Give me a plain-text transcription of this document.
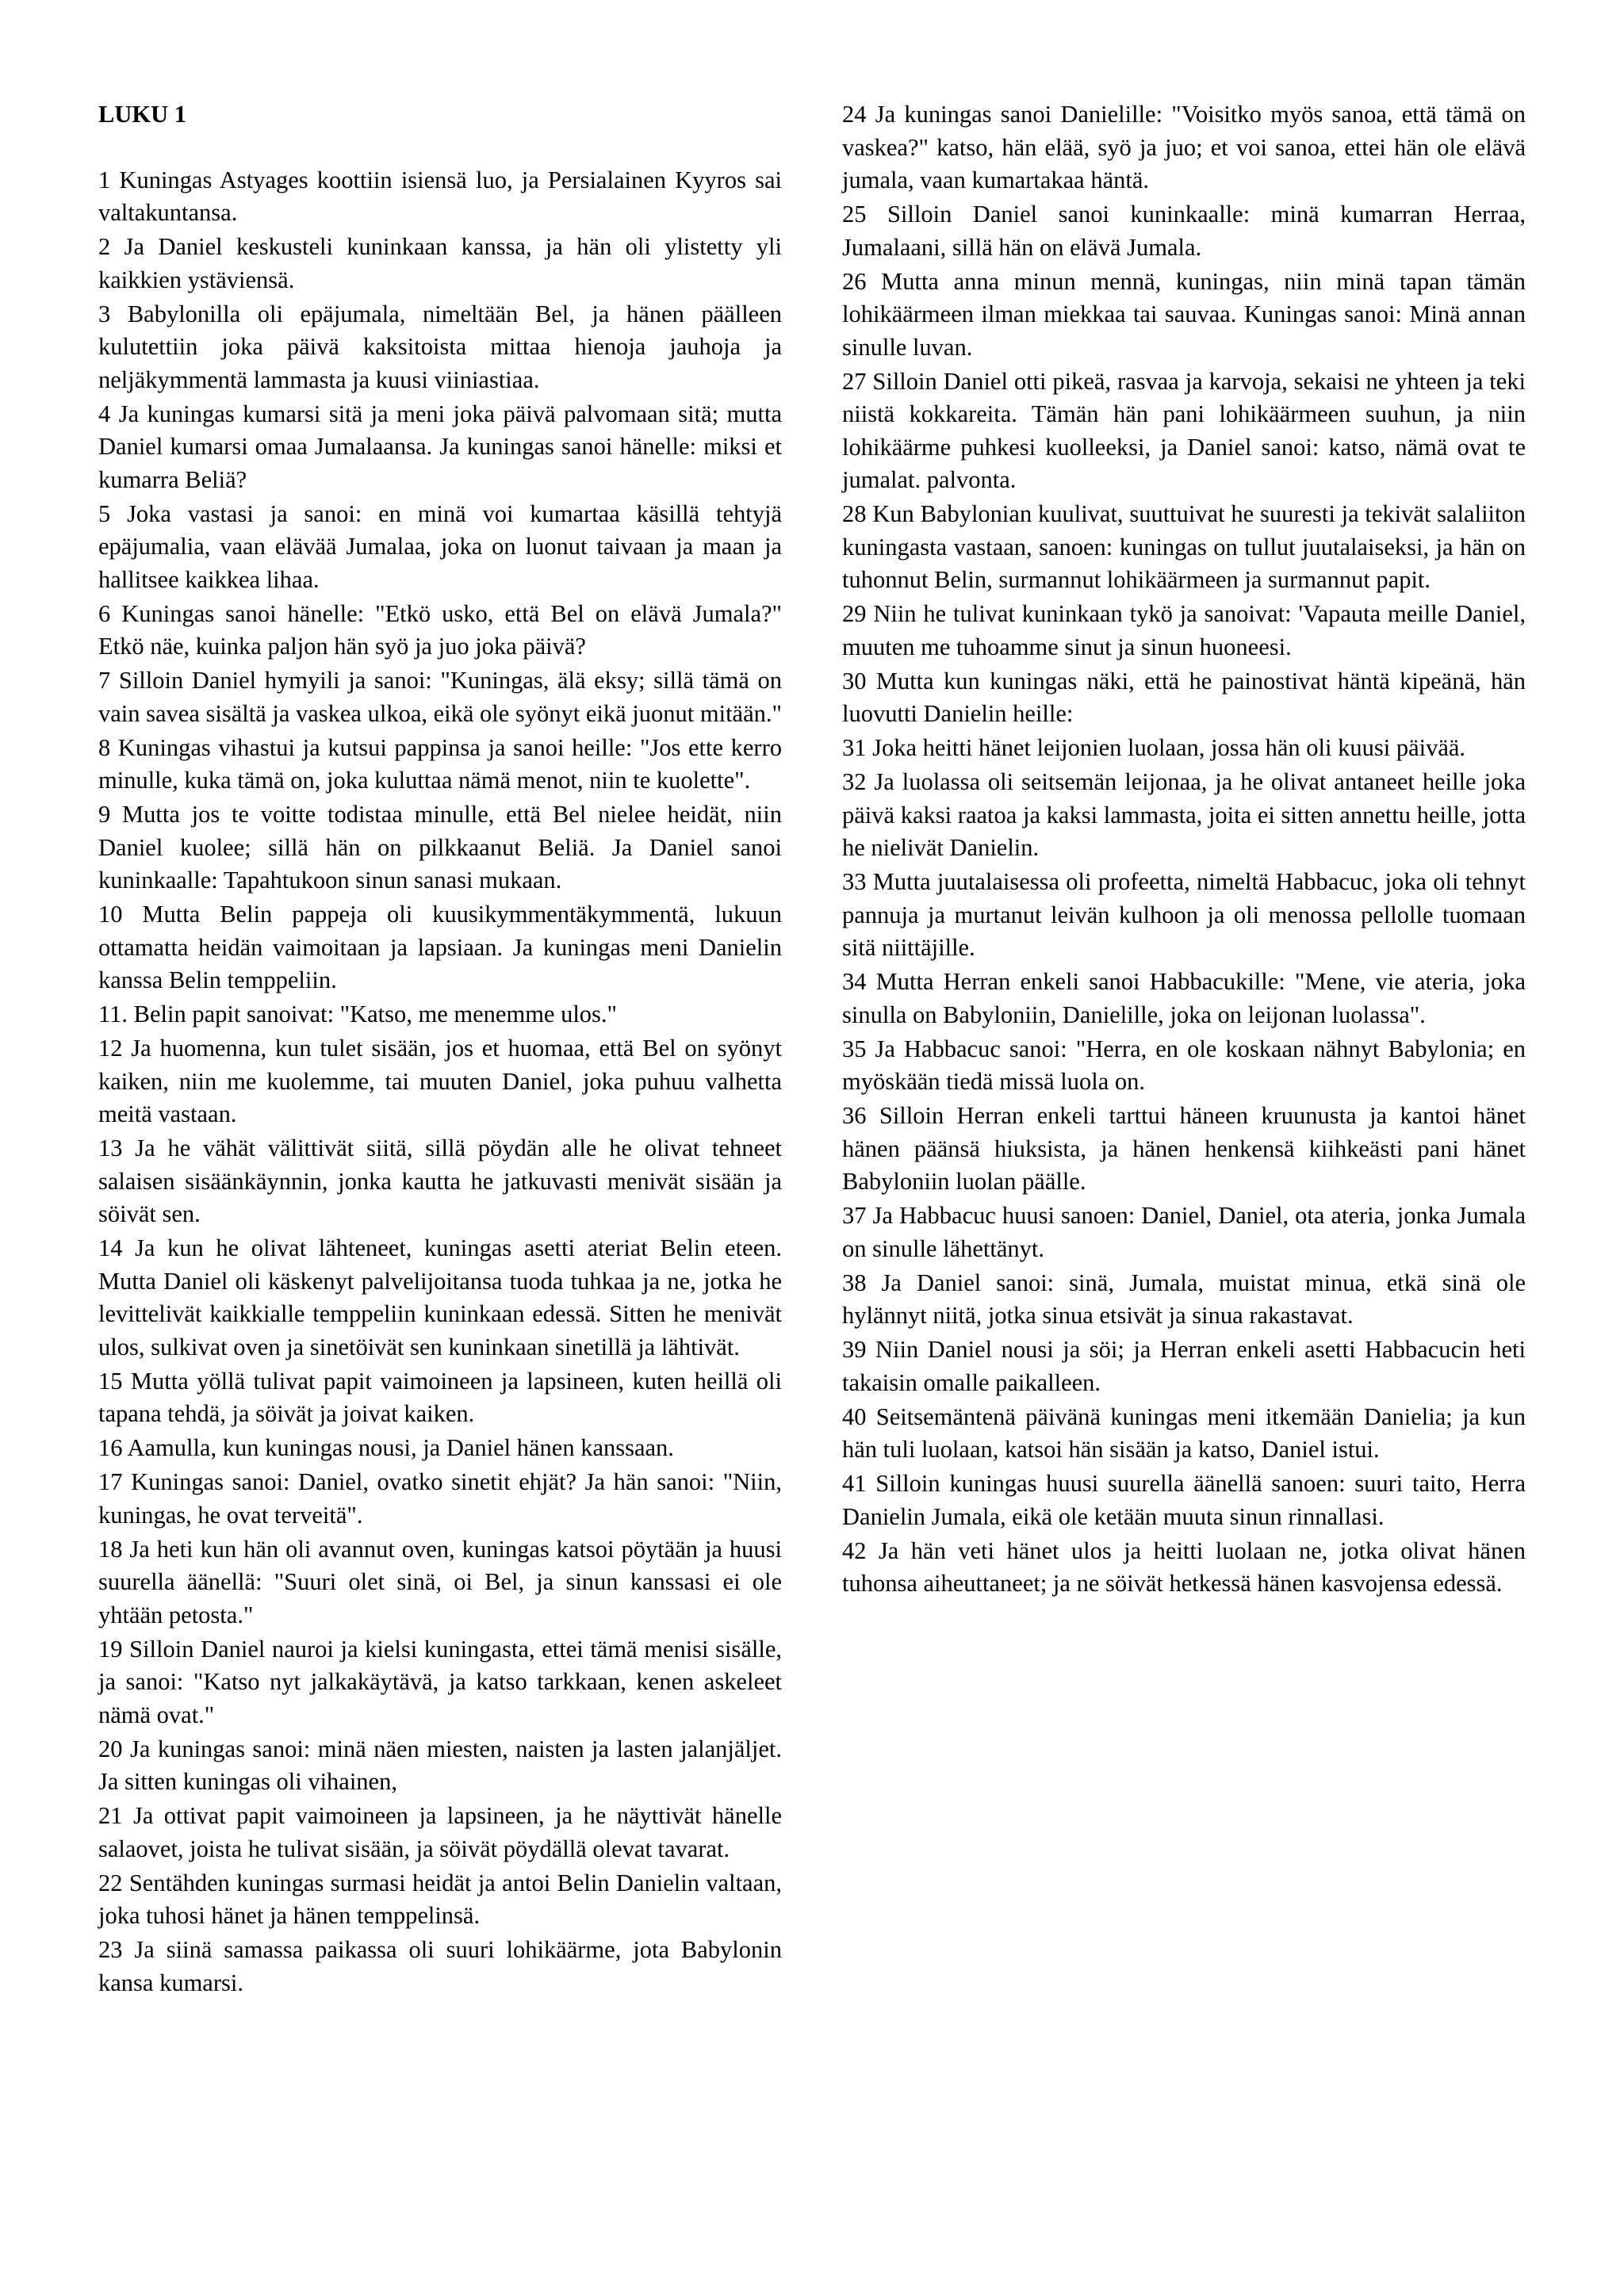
LUKU 1
1 Kuningas Astyages koottiin isiensä luo, ja Persialainen Kyyros sai valtakuntansa.
2 Ja Daniel keskusteli kuninkaan kanssa, ja hän oli ylistetty yli kaikkien ystäviensä.
3 Babylonilla oli epäjumala, nimeltään Bel, ja hänen päälleen kulutettiin joka päivä kaksitoista mittaa hienoja jauhoja ja neljäkymmentä lammasta ja kuusi viiniastiaa.
4 Ja kuningas kumarsi sitä ja meni joka päivä palvomaan sitä; mutta Daniel kumarsi omaa Jumalaansa. Ja kuningas sanoi hänelle: miksi et kumarra Beliä?
5 Joka vastasi ja sanoi: en minä voi kumartaa käsillä tehtyjä epäjumalia, vaan elävää Jumalaa, joka on luonut taivaan ja maan ja hallitsee kaikkea lihaa.
6 Kuningas sanoi hänelle: "Etkö usko, että Bel on elävä Jumala?" Etkö näe, kuinka paljon hän syö ja juo joka päivä?
7 Silloin Daniel hymyili ja sanoi: "Kuningas, älä eksy; sillä tämä on vain savea sisältä ja vaskea ulkoa, eikä ole syönyt eikä juonut mitään."
8 Kuningas vihastui ja kutsui pappinsa ja sanoi heille: "Jos ette kerro minulle, kuka tämä on, joka kuluttaa nämä menot, niin te kuolette".
9 Mutta jos te voitte todistaa minulle, että Bel nielee heidät, niin Daniel kuolee; sillä hän on pilkkaanut Beliä. Ja Daniel sanoi kuninkaalle: Tapahtukoon sinun sanasi mukaan.
10 Mutta Belin pappeja oli kuusikymmentäkymmentä, lukuun ottamatta heidän vaimoitaan ja lapsiaan. Ja kuningas meni Danielin kanssa Belin temppeliin.
11. Belin papit sanoivat: "Katso, me menemme ulos."
12 Ja huomenna, kun tulet sisään, jos et huomaa, että Bel on syönyt kaiken, niin me kuolemme, tai muuten Daniel, joka puhuu valhetta meitä vastaan.
13 Ja he vähät välittivät siitä, sillä pöydän alle he olivat tehneet salaisen sisäänkäynnin, jonka kautta he jatkuvasti menivät sisään ja söivät sen.
14 Ja kun he olivat lähteneet, kuningas asetti ateriat Belin eteen. Mutta Daniel oli käskenyt palvelijoitansa tuoda tuhkaa ja ne, jotka he levittelivät kaikkialle temppeliin kuninkaan edessä. Sitten he menivät ulos, sulkivat oven ja sinetöivät sen kuninkaan sinetillä ja lähtivät.
15 Mutta yöllä tulivat papit vaimoineen ja lapsineen, kuten heillä oli tapana tehdä, ja söivät ja joivat kaiken.
16 Aamulla, kun kuningas nousi, ja Daniel hänen kanssaan.
17 Kuningas sanoi: Daniel, ovatko sinetit ehjät? Ja hän sanoi: "Niin, kuningas, he ovat terveitä".
18 Ja heti kun hän oli avannut oven, kuningas katsoi pöytään ja huusi suurella äänellä: "Suuri olet sinä, oi Bel, ja sinun kanssasi ei ole yhtään petosta."
19 Silloin Daniel nauroi ja kielsi kuningasta, ettei tämä menisi sisälle, ja sanoi: "Katso nyt jalkakäytävä, ja katso tarkkaan, kenen askeleet nämä ovat."
20 Ja kuningas sanoi: minä näen miesten, naisten ja lasten jalanjäljet. Ja sitten kuningas oli vihainen,
21 Ja ottivat papit vaimoineen ja lapsineen, ja he näyttivät hänelle salaovet, joista he tulivat sisään, ja söivät pöydällä olevat tavarat.
22 Sentähden kuningas surmasi heidät ja antoi Belin Danielin valtaan, joka tuhosi hänet ja hänen temppelinsä.
23 Ja siinä samassa paikassa oli suuri lohikäärme, jota Babylonin kansa kumarsi.
24 Ja kuningas sanoi Danielille: "Voisitko myös sanoa, että tämä on vaskea?" katso, hän elää, syö ja juo; et voi sanoa, ettei hän ole elävä jumala, vaan kumartakaa häntä.
25 Silloin Daniel sanoi kuninkaalle: minä kumarran Herraa, Jumalaani, sillä hän on elävä Jumala.
26 Mutta anna minun mennä, kuningas, niin minä tapan tämän lohikäärmeen ilman miekkaa tai sauvaa. Kuningas sanoi: Minä annan sinulle luvan.
27 Silloin Daniel otti pikeä, rasvaa ja karvoja, sekaisi ne yhteen ja teki niistä kokkareita. Tämän hän pani lohikäärmeen suuhun, ja niin lohikäärme puhkesi kuolleeksi, ja Daniel sanoi: katso, nämä ovat te jumalat. palvonta.
28 Kun Babylonian kuulivat, suuttuivat he suuresti ja tekivät salaliiton kuningasta vastaan, sanoen: kuningas on tullut juutalaiseksi, ja hän on tuhonnut Belin, surmannut lohikäärmeen ja surmannut papit.
29 Niin he tulivat kuninkaan tykö ja sanoivat: 'Vapauta meille Daniel, muuten me tuhoamme sinut ja sinun huoneesi.
30 Mutta kun kuningas näki, että he painostivat häntä kipeänä, hän luovutti Danielin heille:
31 Joka heitti hänet leijonien luolaan, jossa hän oli kuusi päivää.
32 Ja luolassa oli seitsemän leijonaa, ja he olivat antaneet heille joka päivä kaksi raatoa ja kaksi lammasta, joita ei sitten annettu heille, jotta he nielivät Danielin.
33 Mutta juutalaisessa oli profeetta, nimeltä Habbacuc, joka oli tehnyt pannuja ja murtanut leivän kulhoon ja oli menossa pellolle tuomaan sitä niittäjille.
34 Mutta Herran enkeli sanoi Habbacukille: "Mene, vie ateria, joka sinulla on Babyloniin, Danielille, joka on leijonan luolassa".
35 Ja Habbacuc sanoi: "Herra, en ole koskaan nähnyt Babylonia; en myöskään tiedä missä luola on.
36 Silloin Herran enkeli tarttui häneen kruunusta ja kantoi hänet hänen päänsä hiuksista, ja hänen henkensä kiihkeästi pani hänet Babyloniin luolan päälle.
37 Ja Habbacuc huusi sanoen: Daniel, Daniel, ota ateria, jonka Jumala on sinulle lähettänyt.
38 Ja Daniel sanoi: sinä, Jumala, muistat minua, etkä sinä ole hylännyt niitä, jotka sinua etsivät ja sinua rakastavat.
39 Niin Daniel nousi ja söi; ja Herran enkeli asetti Habbacucin heti takaisin omalle paikalleen.
40 Seitsemäntenä päivänä kuningas meni itkemään Danielia; ja kun hän tuli luolaan, katsoi hän sisään ja katso, Daniel istui.
41 Silloin kuningas huusi suurella äänellä sanoen: suuri taito, Herra Danielin Jumala, eikä ole ketään muuta sinun rinnallasi.
42 Ja hän veti hänet ulos ja heitti luolaan ne, jotka olivat hänen tuhonsa aiheuttaneet; ja ne söivät hetkessä hänen kasvojensa edessä.
